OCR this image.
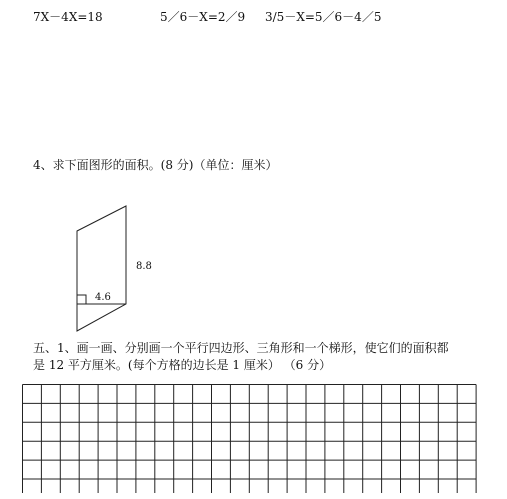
7X－4X=18	5／6－X=2／9 3/5－X=5／6－4／5
4、求下面图形的面积。(8 分)（单位：厘米）
8.8
4.6
五、1、画一画、分别画一个平行四边形、三角形和一个梯形，使它们的面积都
是 12 平方厘米。(每个方格的边长是 1 厘米） （6 分）
